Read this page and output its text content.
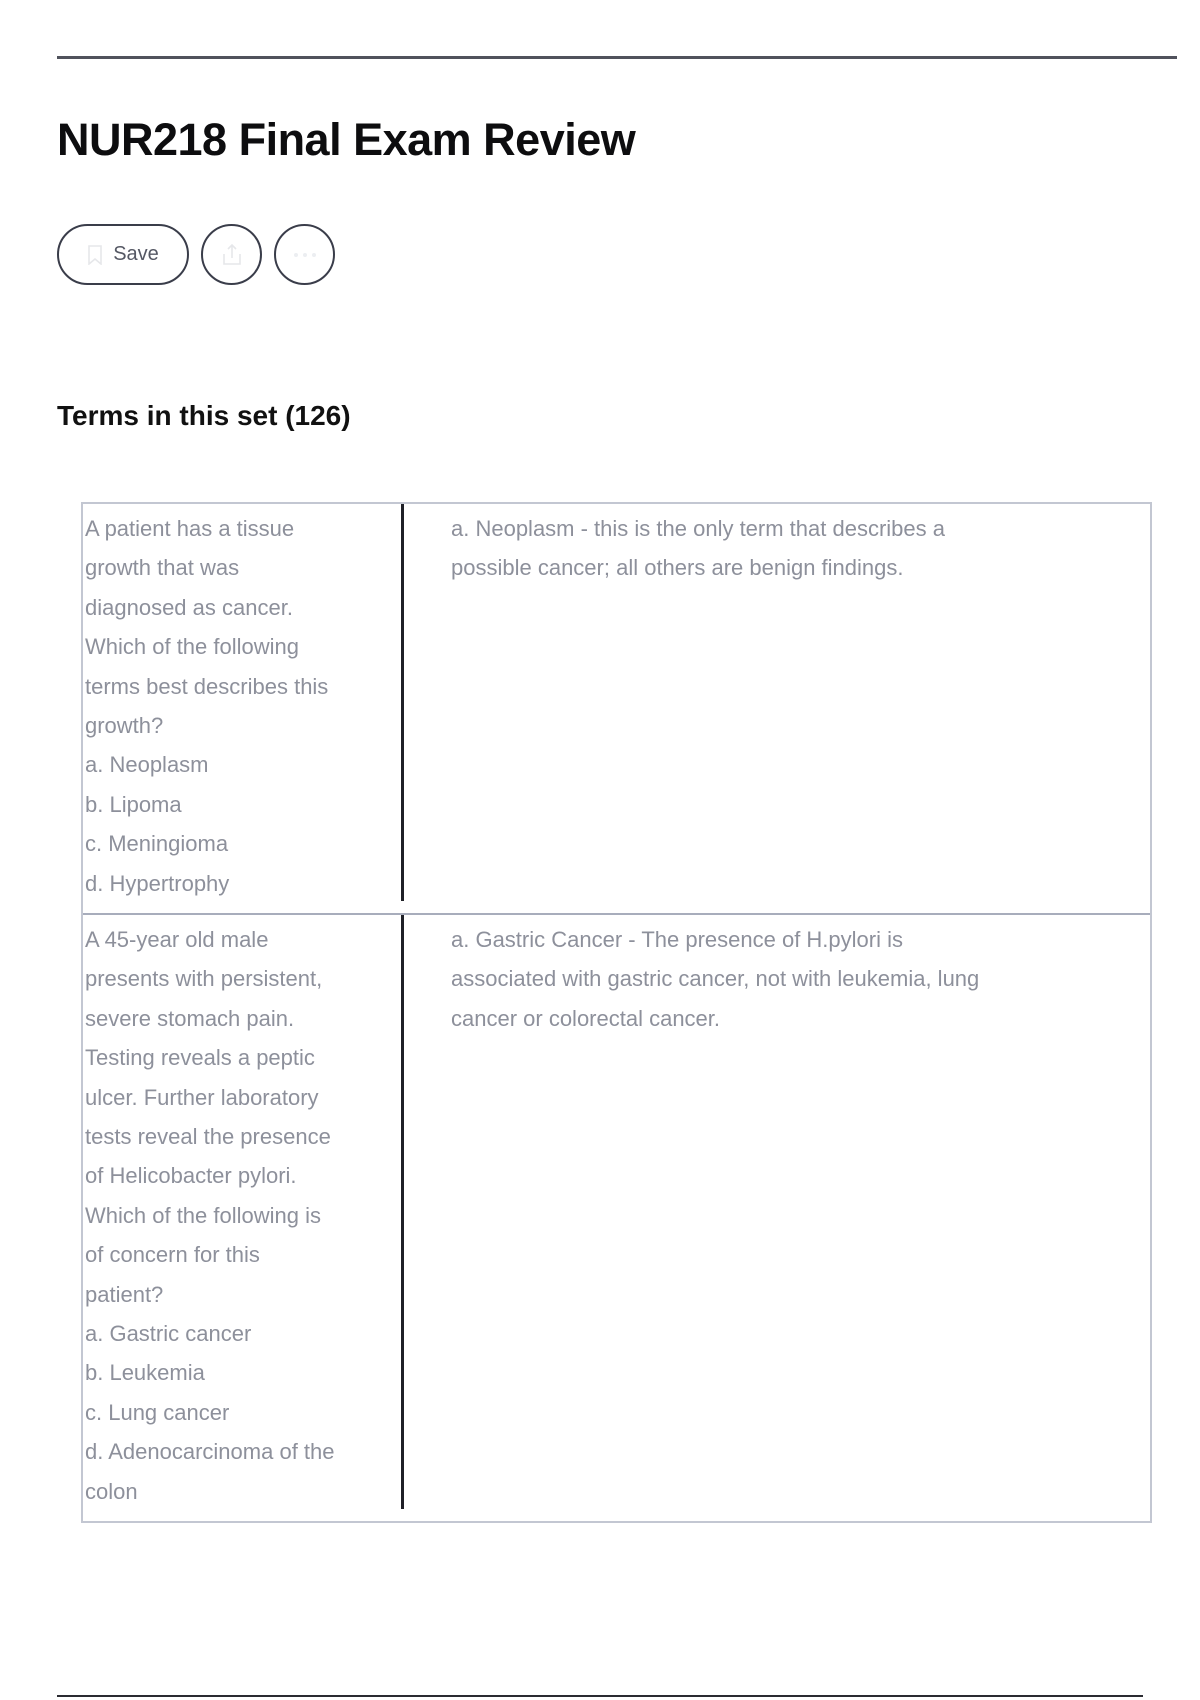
NUR218 Final Exam Review
Save
Terms in this set (126)
A patient has a tissue
growth that was
diagnosed as cancer.
Which of the following
terms best describes this
growth?
a. Neoplasm
b. Lipoma
c. Meningioma
d. Hypertrophy
a. Neoplasm - this is the only term that describes a possible cancer; all others are benign findings.
A 45-year old male
presents with persistent,
severe stomach pain.
Testing reveals a peptic
ulcer. Further laboratory
tests reveal the presence
of Helicobacter pylori.
Which of the following is
of concern for this
patient?
a. Gastric cancer
b. Leukemia
c. Lung cancer
d. Adenocarcinoma of the
colon
a. Gastric Cancer - The presence of H.pylori is associated with gastric cancer, not with leukemia, lung cancer or colorectal cancer.
